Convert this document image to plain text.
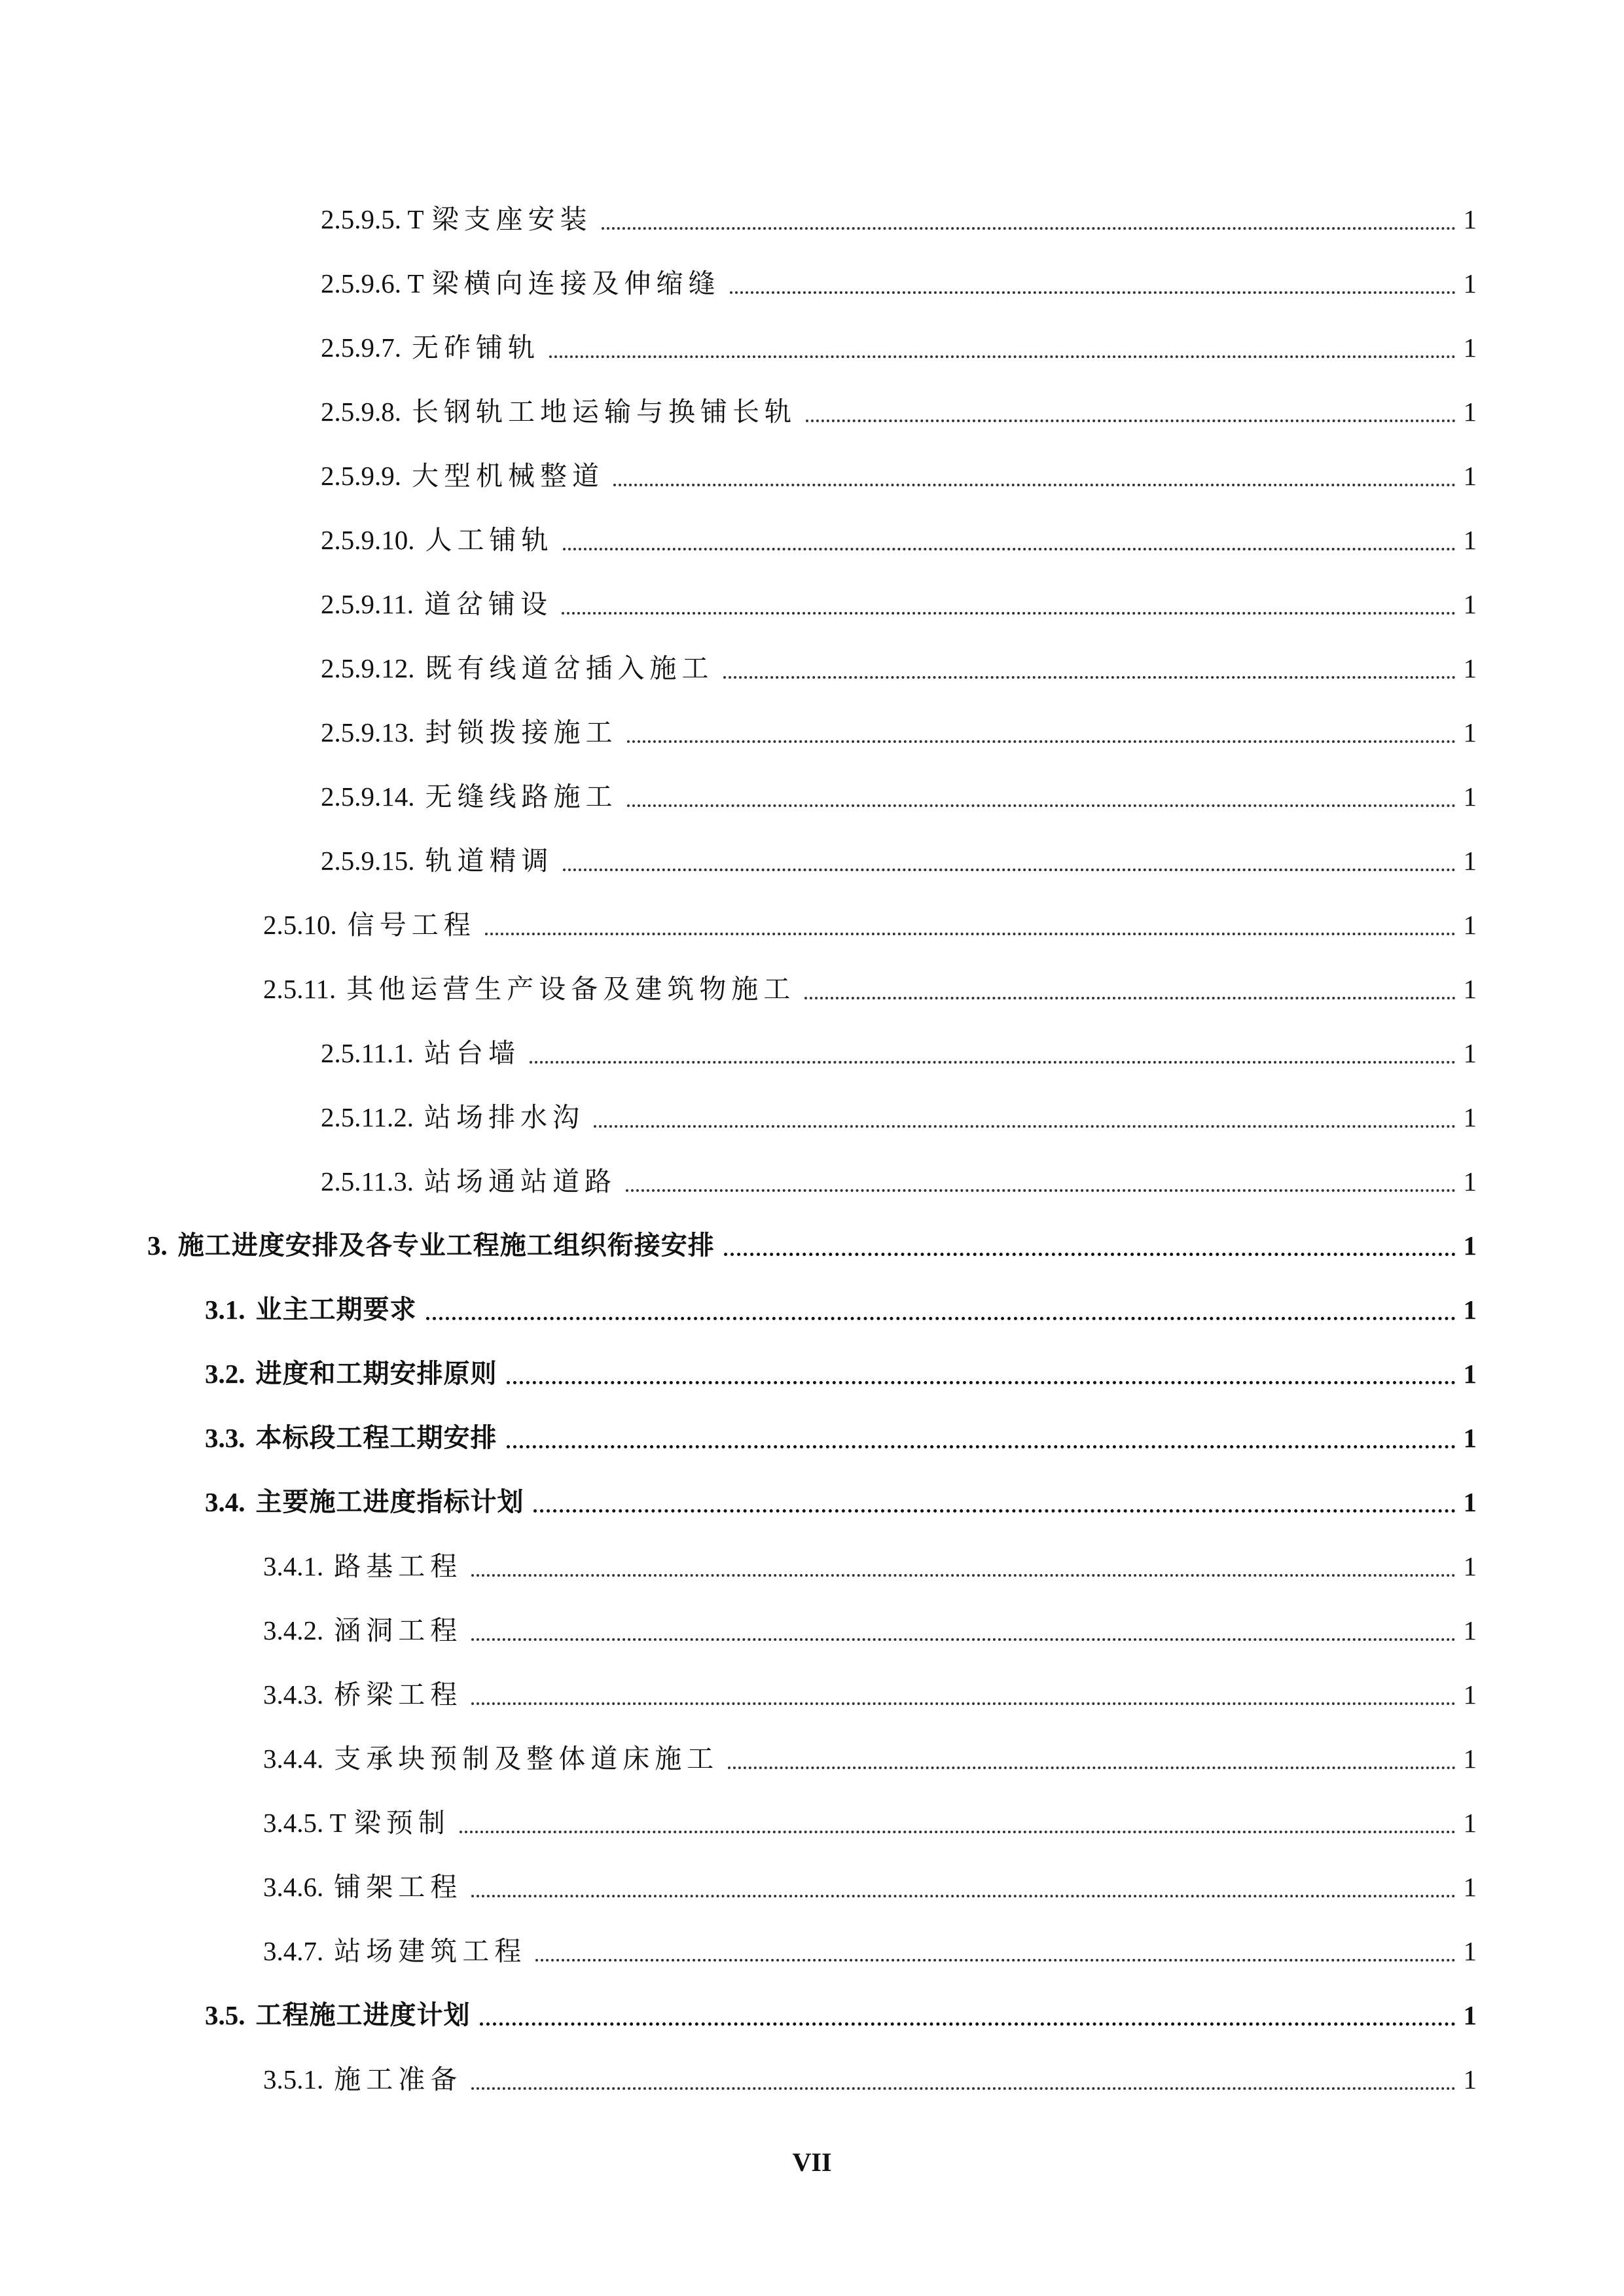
2.5.9.5. T 梁支座安装	1
2.5.9.6. T 梁横向连接及伸缩缝	1
2.5.9.7. 无砟铺轨	1
2.5.9.8. 长钢轨工地运输与换铺长轨	1
2.5.9.9. 大型机械整道	1
2.5.9.10. 人工铺轨	1
2.5.9.11. 道岔铺设	1
2.5.9.12. 既有线道岔插入施工	1
2.5.9.13. 封锁拨接施工	1
2.5.9.14. 无缝线路施工	1
2.5.9.15. 轨道精调	1
2.5.10. 信号工程	1
2.5.11. 其他运营生产设备及建筑物施工	1
2.5.11.1. 站台墙	1
2.5.11.2. 站场排水沟	1
2.5.11.3. 站场通站道路	1
3. 施工进度安排及各专业工程施工组织衔接安排	1
3.1. 业主工期要求	1
3.2. 进度和工期安排原则	1
3.3. 本标段工程工期安排	1
3.4. 主要施工进度指标计划	1
3.4.1. 路基工程	1
3.4.2. 涵洞工程	1
3.4.3. 桥梁工程	1
3.4.4. 支承块预制及整体道床施工	1
3.4.5. T 梁预制	1
3.4.6. 铺架工程	1
3.4.7. 站场建筑工程	1
3.5. 工程施工进度计划	1
3.5.1. 施工准备	1
VII
